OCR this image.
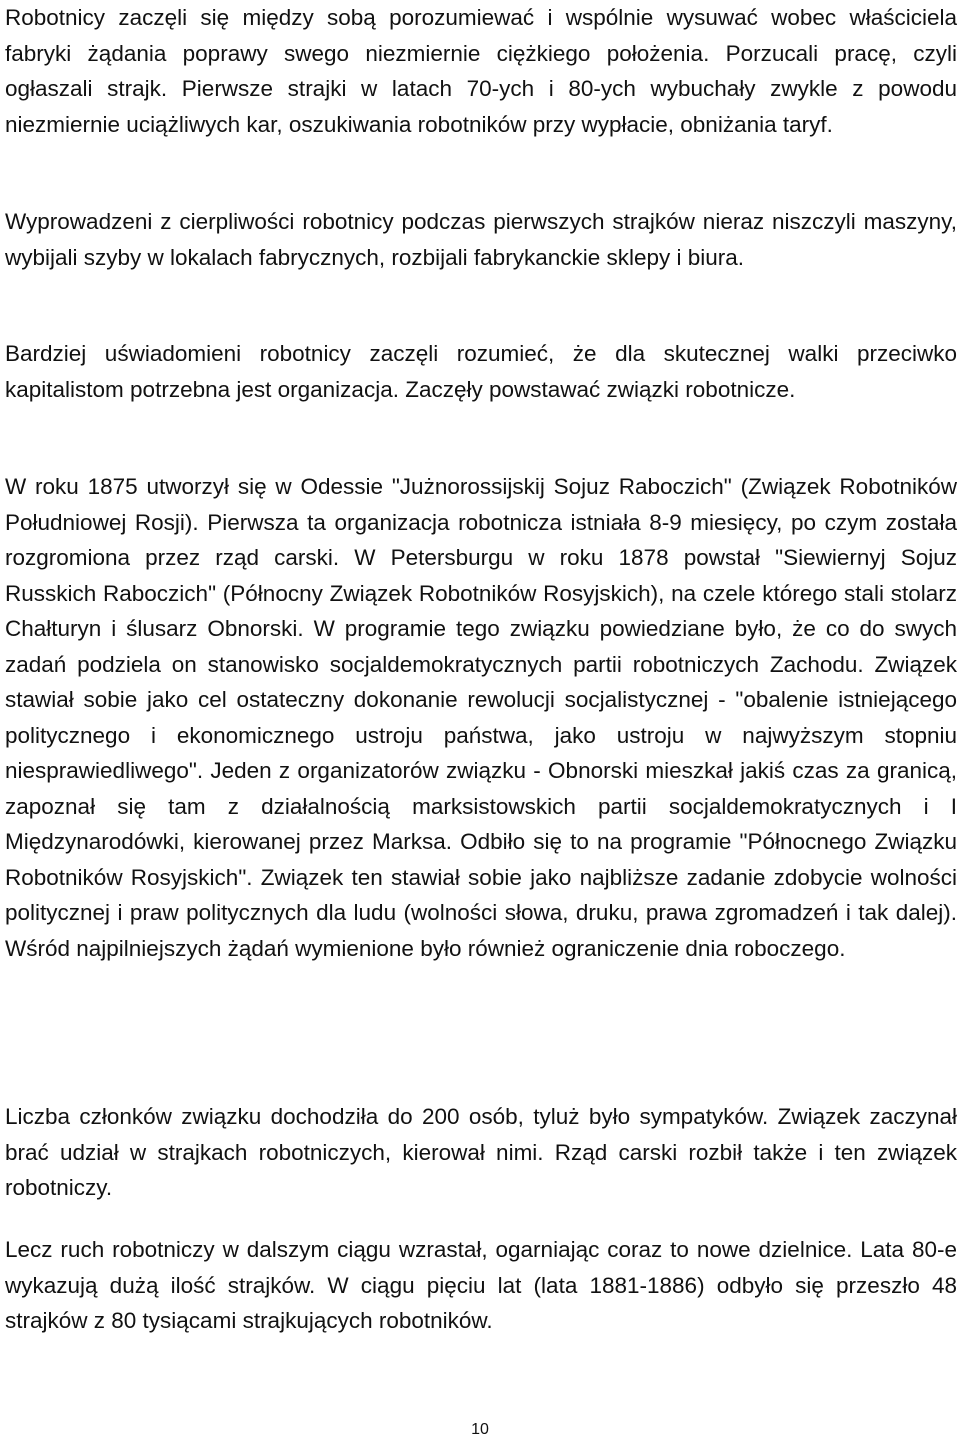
Robotnicy zaczęli się między sobą porozumiewać i wspólnie wysuwać wobec właściciela fabryki żądania poprawy swego niezmiernie ciężkiego położenia. Porzucali pracę, czyli ogłaszali strajk. Pierwsze strajki w latach 70-ych i 80-ych wybuchały zwykle z powodu niezmiernie uciążliwych kar, oszukiwania robotników przy wypłacie, obniżania taryf.

Wyprowadzeni z cierpliwości robotnicy podczas pierwszych strajków nieraz niszczyli maszyny, wybijali szyby w lokalach fabrycznych, rozbijali fabrykanckie sklepy i biura.

Bardziej uświadomieni robotnicy zaczęli rozumieć, że dla skutecznej walki przeciwko kapitalistom potrzebna jest organizacja. Zaczęły powstawać związki robotnicze.

W roku 1875 utworzył się w Odessie "Jużnorossijskij Sojuz Raboczich" (Związek Robotników Południowej Rosji). Pierwsza ta organizacja robotnicza istniała 8-9 miesięcy, po czym została rozgromiona przez rząd carski. W Petersburgu w roku 1878 powstał "Siewiernyj Sojuz Russkich Raboczich" (Północny Związek Robotników Rosyjskich), na czele którego stali stolarz Chałturyn i ślusarz Obnorski. W programie tego związku powiedziane było, że co do swych zadań podziela on stanowisko socjaldemokratycznych partii robotniczych Zachodu. Związek stawiał sobie jako cel ostateczny dokonanie rewolucji socjalistycznej - "obalenie istniejącego politycznego i ekonomicznego ustroju państwa, jako ustroju w najwyższym stopniu niesprawiedliwego". Jeden z organizatorów związku - Obnorski mieszkał jakiś czas za granicą, zapoznał się tam z działalnością marksistowskich partii socjaldemokratycznych i I Międzynarodówki, kierowanej przez Marksa. Odbiło się to na programie "Północnego Związku Robotników Rosyjskich". Związek ten stawiał sobie jako najbliższe zadanie zdobycie wolności politycznej i praw politycznych dla ludu (wolności słowa, druku, prawa zgromadzeń i tak dalej). Wśród najpilniejszych żądań wymienione było również ograniczenie dnia roboczego.

Liczba członków związku dochodziła do 200 osób, tyluż było sympatyków. Związek zaczynał brać udział w strajkach robotniczych, kierował nimi. Rząd carski rozbił także i ten związek robotniczy.

Lecz ruch robotniczy w dalszym ciągu wzrastał, ogarniając coraz to nowe dzielnice. Lata 80-e wykazują dużą ilość strajków. W ciągu pięciu lat (lata 1881-1886) odbyło się przeszło 48 strajków z 80 tysiącami strajkujących robotników.

10
